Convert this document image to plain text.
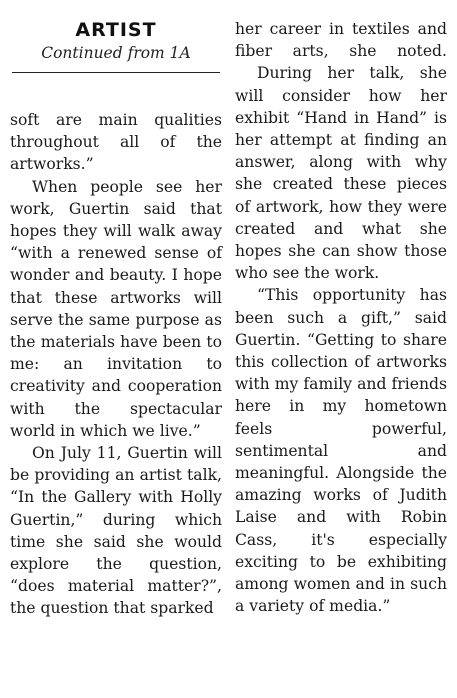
ARTIST
Continued from 1A

soft are main qualities throughout all of the artworks.”

When people see her work, Guertin said that hopes they will walk away “with a renewed sense of wonder and beauty. I hope that these artworks will serve the same purpose as the materials have been to me: an invitation to creativity and cooperation with the spectacular world in which we live.”

On July 11, Guertin will be providing an artist talk, “In the Gallery with Holly Guertin,” during which time she said she would explore the question, “does material matter?”, the question that sparked

her career in textiles and fiber arts, she noted.

During her talk, she will consider how her exhibit “Hand in Hand” is her attempt at finding an answer, along with why she created these pieces of artwork, how they were created and what she hopes she can show those who see the work.

“This opportunity has been such a gift,” said Guertin. “Getting to share this collection of artworks with my family and friends here in my hometown feels powerful, sentimental and meaningful. Alongside the amazing works of Judith Laise and with Robin Cass, it's especially exciting to be exhibiting among women and in such a variety of media.”
